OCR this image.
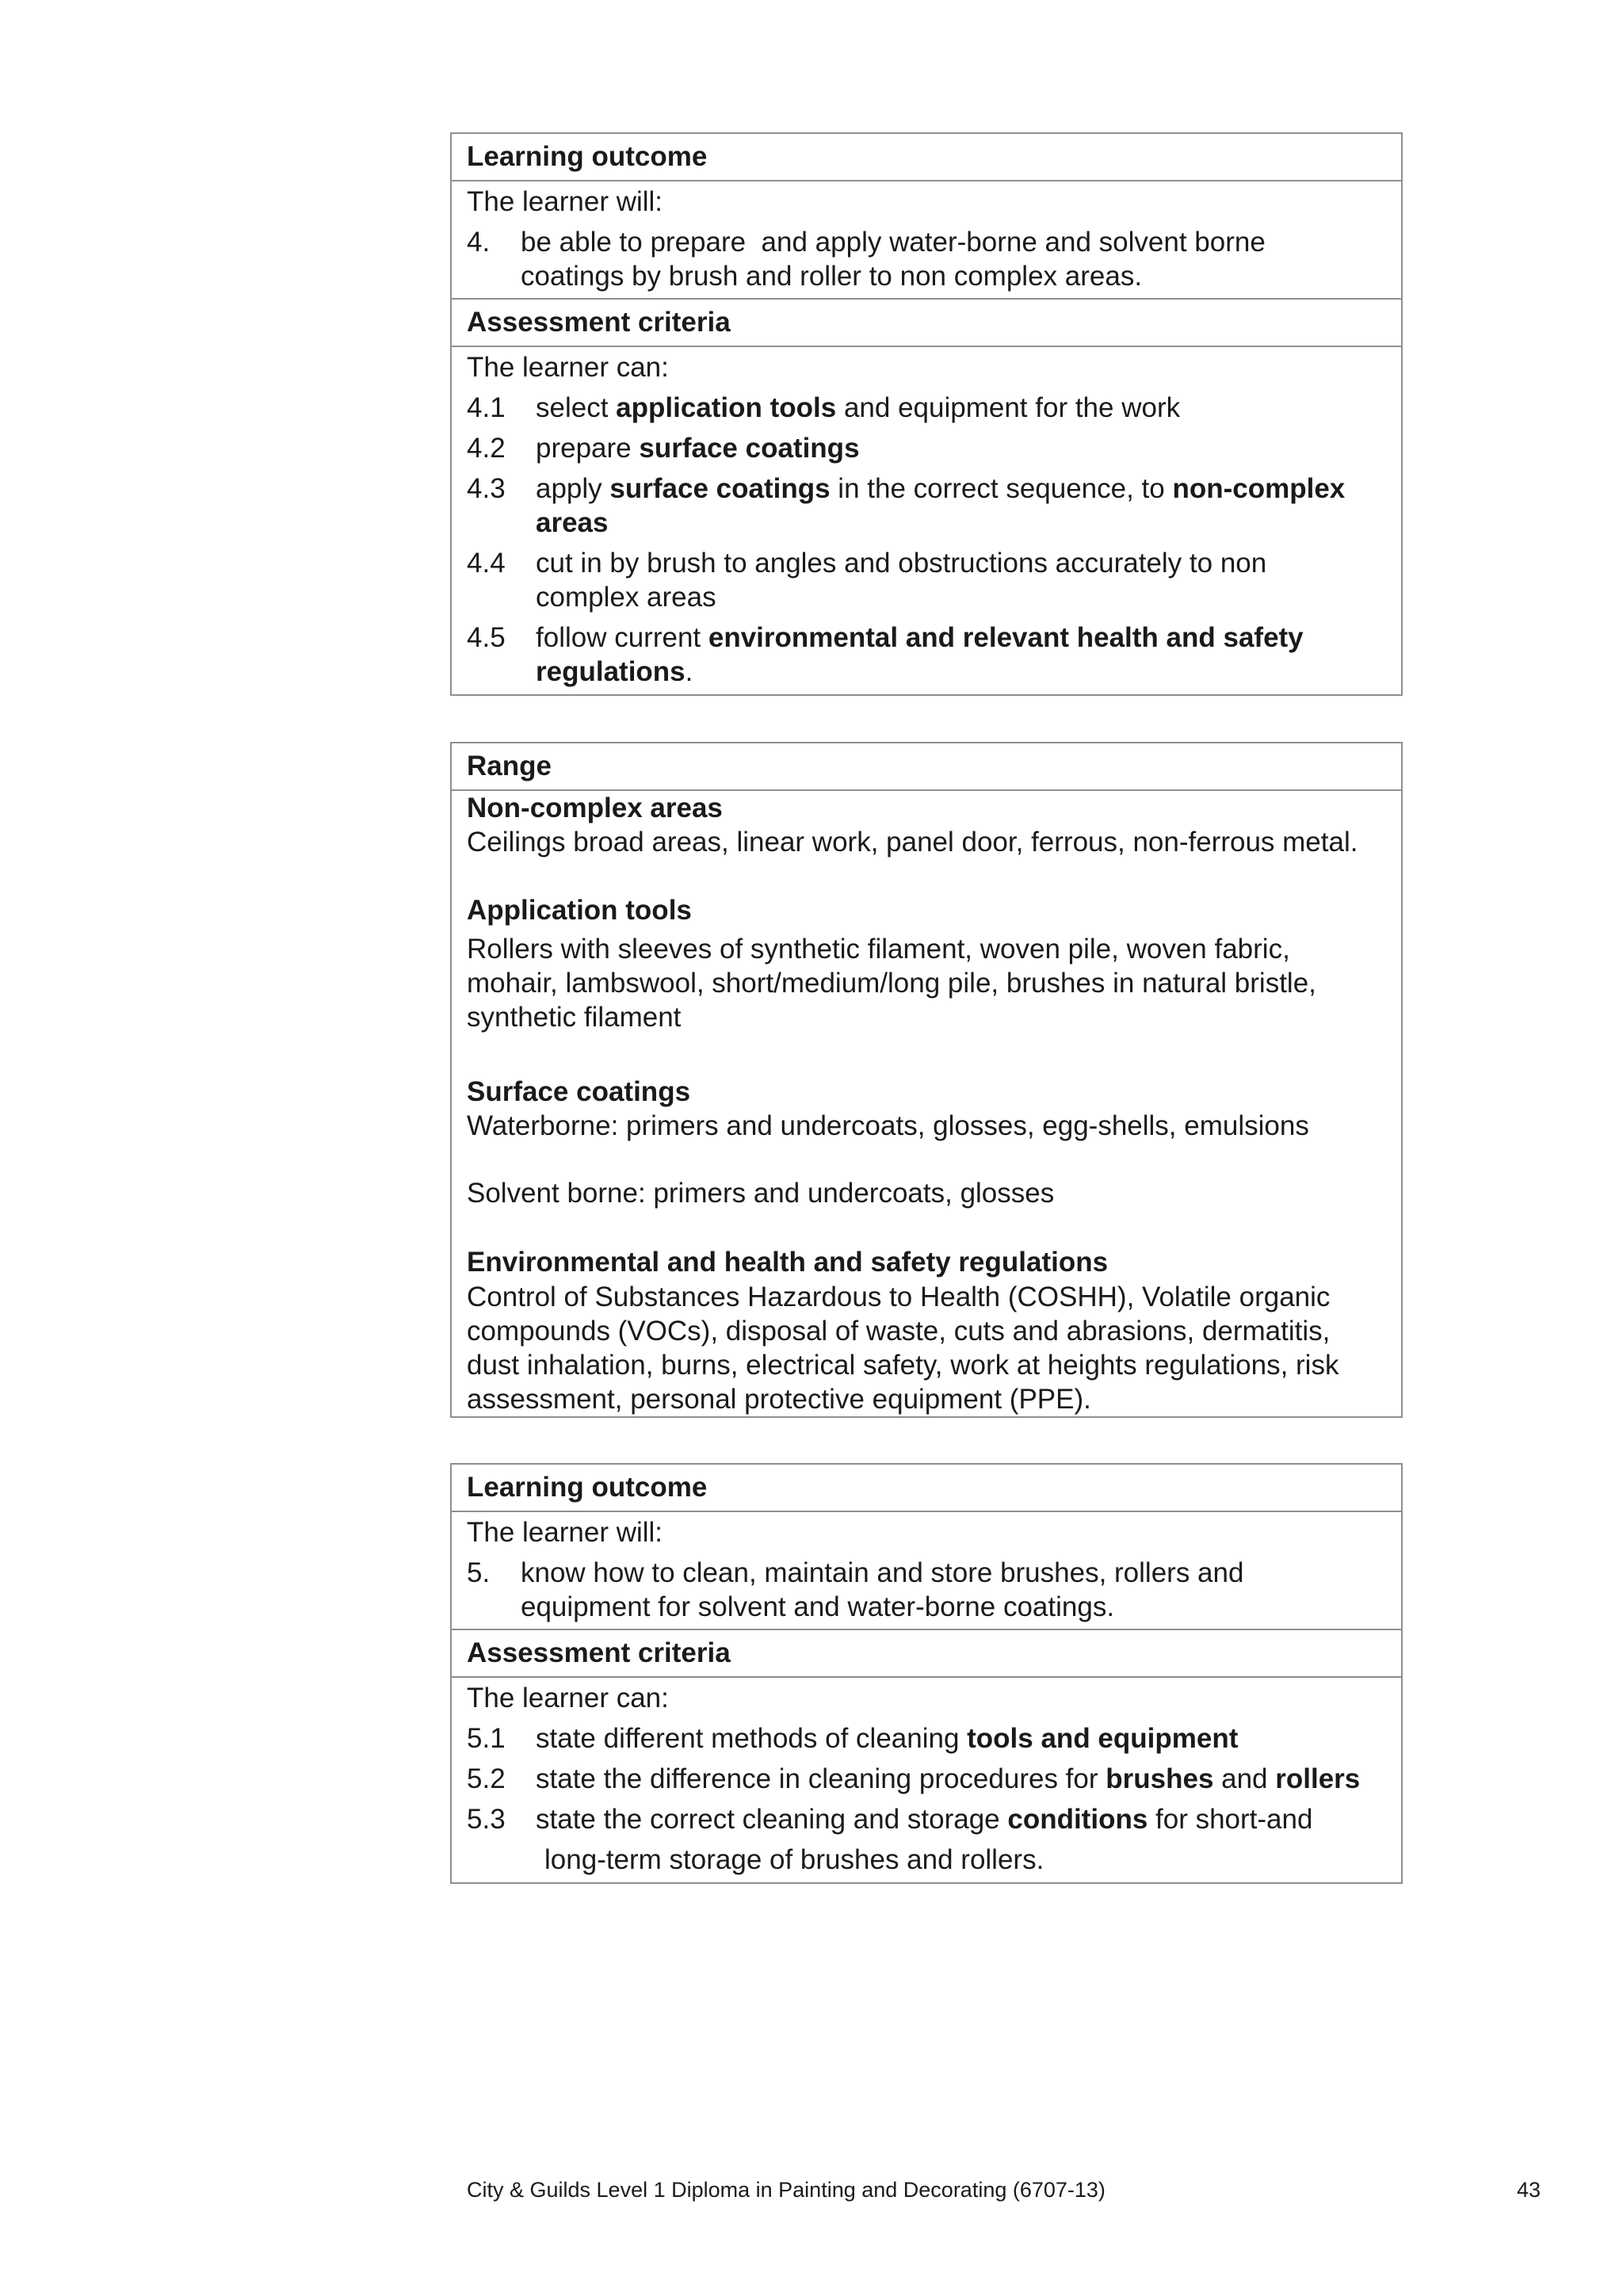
Learning outcome
The learner will:
4.	be able to prepare  and apply water-borne and solvent borne
coatings by brush and roller to non complex areas.
Assessment criteria
The learner can:
4.1	select application tools and equipment for the work
4.2	prepare surface coatings
4.3	apply surface coatings in the correct sequence, to non-complex
areas
4.4	cut in by brush to angles and obstructions accurately to non
complex areas
4.5	follow current environmental and relevant health and safety
regulations .
Range
Non-complex areas
Ceilings broad areas, linear work, panel door, ferrous, non-ferrous metal.
Application tools
Rollers with sleeves of synthetic filament, woven pile, woven fabric,
mohair, lambswool, short/medium/long pile, brushes in natural bristle,
synthetic filament
Surface coatings
Waterborne: primers and undercoats, glosses, egg-shells, emulsions
Solvent borne: primers and undercoats, glosses
Environmental and health and safety regulations
Control of Substances Hazardous to Health (COSHH), Volatile organic
compounds (VOCs), disposal of waste, cuts and abrasions, dermatitis,
dust inhalation, burns, electrical safety, work at heights regulations, risk
assessment, personal protective equipment (PPE).
Learning outcome
The learner will:
5.	know how to clean, maintain and store brushes, rollers and
equipment for solvent and water-borne coatings.
Assessment criteria
The learner can:
5.1	state different methods of cleaning tools and equipment
5.2	state the difference in cleaning procedures for brushes and rollers
5.3	state the correct cleaning and storage conditions for short-and
long-term storage of brushes and rollers.
City & Guilds Level 1 Diploma in Painting and Decorating (6707-13)	43
